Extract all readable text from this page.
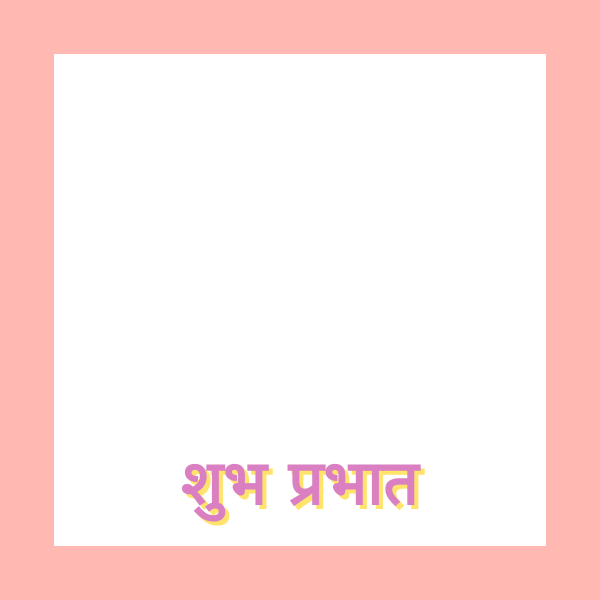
शुभ प्रभात
